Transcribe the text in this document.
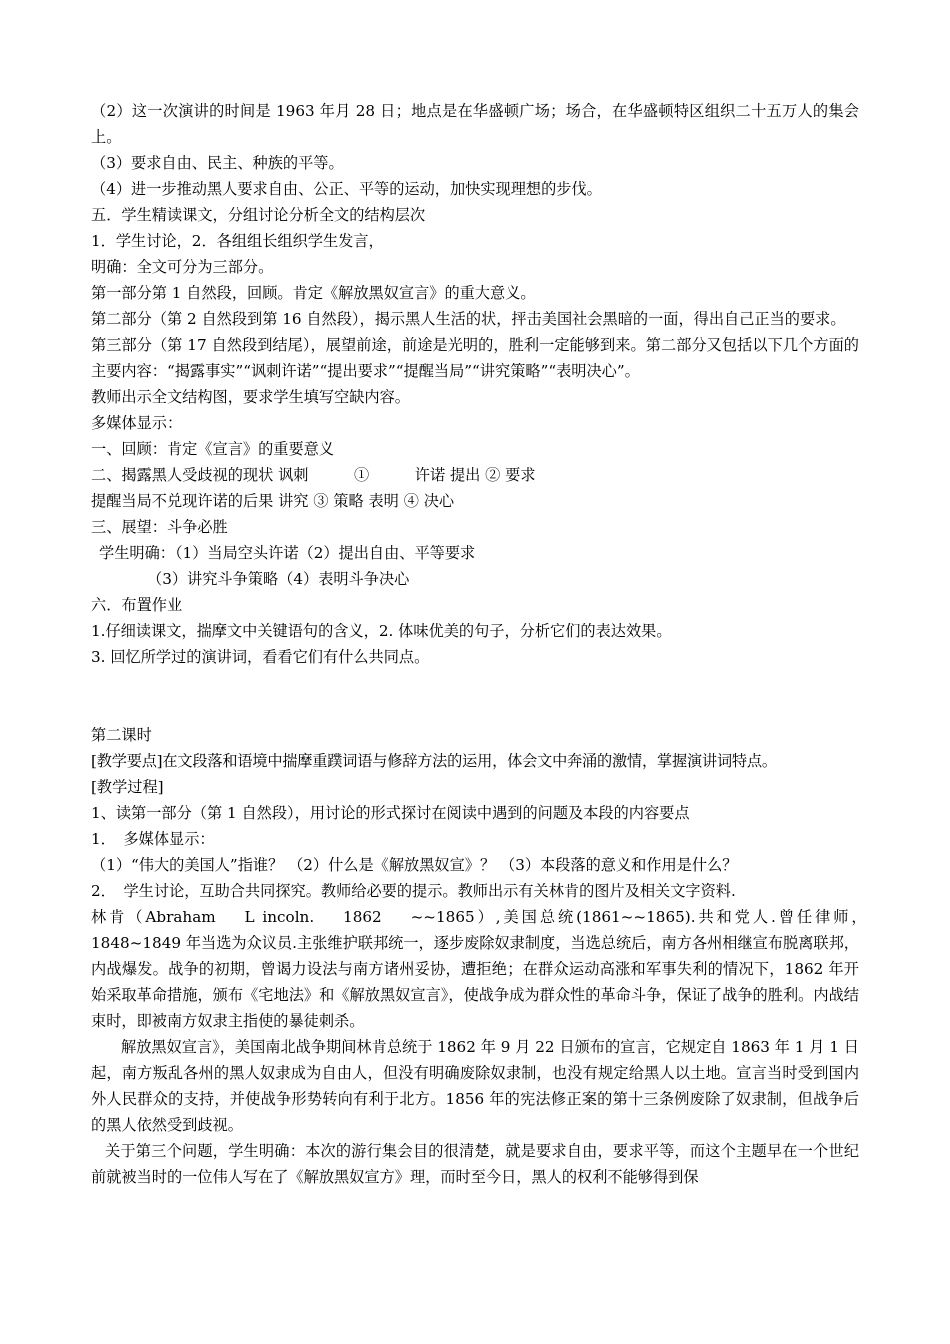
（2）这一次演讲的时间是 1963 年月 28 日；地点是在华盛顿广场；场合，在华盛顿特区组织二十五万人的集会上。
（3）要求自由、民主、种族的平等。
（4）进一步推动黑人要求自由、公正、平等的运动，加快实现理想的步伐。
五．学生精读课文，分组讨论分析全文的结构层次
1．学生讨论，2．各组组长组织学生发言，
明确：全文可分为三部分。
第一部分第 1 自然段，回顾。肯定《解放黑奴宣言》的重大意义。
第二部分（第 2 自然段到第 16 自然段），揭示黑人生活的状，抨击美国社会黑暗的一面，得出自己正当的要求。
第三部分（第 17 自然段到结尾），展望前途，前途是光明的，胜利一定能够到来。第二部分又包括以下几个方面的主要内容：“揭露事实”“讽刺许诺”“提出要求”“提醒当局”“讲究策略”“表明决心”。
教师出示全文结构图，要求学生填写空缺内容。
多媒体显示：
一、回顾：肯定《宣言》的重要意义
二、揭露黑人受歧视的现状 讽刺　　　①　　　许诺 提出 ② 要求
提醒当局不兑现许诺的后果 讲究 ③ 策略 表明 ④ 决心
三、展望：斗争必胜
学生明确：（1）当局空头许诺（2）提出自由、平等要求
（3）讲究斗争策略（4）表明斗争决心
六．布置作业
1.仔细读课文，揣摩文中关键语句的含义，2. 体味优美的句子，分析它们的表达效果。
3. 回忆所学过的演讲词，看看它们有什么共同点。
第二课时
[教学要点]在文段落和语境中揣摩重蹼词语与修辞方法的运用，体会文中奔涌的激情，掌握演讲词特点。
[教学过程]
1、读第一部分（第 1 自然段），用讨论的形式探讨在阅读中遇到的问题及本段的内容要点
1．　多媒体显示：
（1）“伟大的美国人”指谁？ （2）什么是《解放黑奴宣》？ （3）本段落的意义和作用是什么？
2．　学生讨论，互助合共同探究。教师给必要的提示。教师出示有关林肯的图片及相关文字资料.
林肯（Abraham　 L incoln.　 1862　 ~~1865）,美国总统(1861~~1865).共和党人.曾任律师，　1848~1849 年当选为众议员.主张维护联邦统一，逐步废除奴隶制度，当选总统后，南方各州相继宣布脱离联邦，内战爆发。战争的初期，曾谒力设法与南方诸州妥协，遭拒绝；在群众运动高涨和军事失利的情况下，1862 年开始采取革命措施，颁布《宅地法》和《解放黑奴宣言》，使战争成为群众性的革命斗争，保证了战争的胜利。内战结束时，即被南方奴隶主指使的暴徒刺杀。
解放黑奴宣言》，美国南北战争期间林肯总统于 1862 年 9 月 22 日颁布的宣言，它规定自 1863 年 1 月 1 日起，南方叛乱各州的黑人奴隶成为自由人，但没有明确废除奴隶制，也没有规定给黑人以土地。宣言当时受到国内外人民群众的支持，并使战争形势转向有利于北方。1856 年的宪法修正案的第十三条例废除了奴隶制，但战争后的黑人依然受到歧视。
关于第三个问题，学生明确：本次的游行集会目的很清楚，就是要求自由，要求平等，而这个主题早在一个世纪前就被当时的一位伟人写在了《解放黑奴宣方》理，而时至今日，黑人的权利不能够得到保
